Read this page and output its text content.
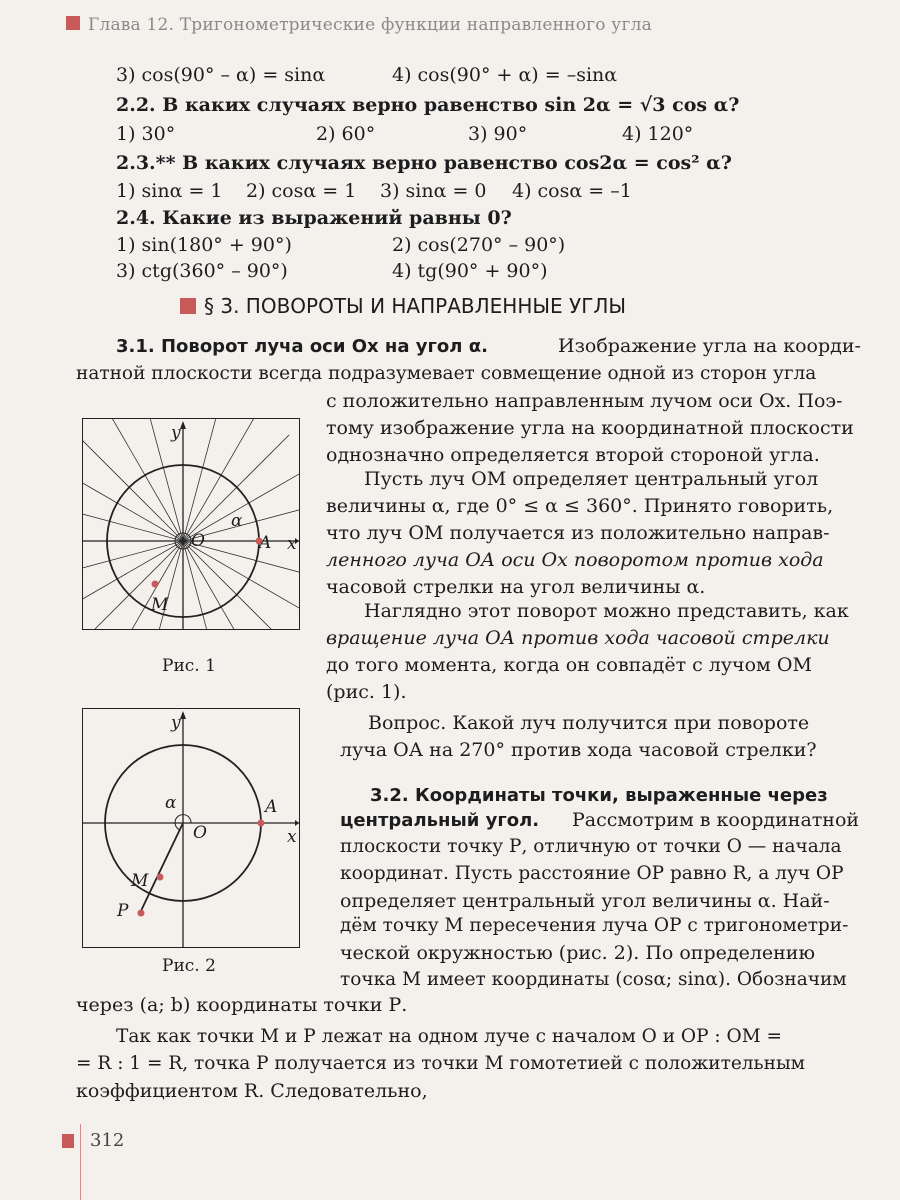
Глава 12. Тригонометрические функции направленного угла
3) cos(90° – α) = sinα	4) cos(90° + α) = –sinα
2.2. В каких случаях верно равенство sin 2α = √3 cos α?
1) 30°	2) 60°	3) 90°	4) 120°
2.3.** В каких случаях верно равенство cos2α = cos² α?
1) sinα = 1 2) cosα = 1 3) sinα = 0 4) cosα = –1
2.4. Какие из выражений равны 0?
1) sin(180° + 90°)	2) cos(270° – 90°)
3) ctg(360° – 90°)	4) tg(90° + 90°)
§ 3. ПОВОРОТЫ И НАПРАВЛЕННЫЕ УГЛЫ
3.1. Поворот луча оси Ох на угол α.	Изображение угла на коорди-
натной плоскости всегда подразумевает совмещение одной из сторон угла
с положительно направленным лучом оси Ох. Поэ-
тому изображение угла на координатной плоскости
однозначно определяется второй стороной угла.
Пусть луч ОМ определяет центральный угол
величины α, где 0° ≤ α ≤ 360°. Принято говорить,
что луч ОМ получается из положительно направ-
ленного луча ОА оси Ох поворотом против хода
часовой стрелки на угол величины α.
Наглядно этот поворот можно представить, как
вращение луча ОА против хода часовой стрелки
до того момента, когда он совпадёт с лучом ОМ
(рис. 1).
Вопрос. Какой луч получится при повороте
луча ОА на 270° против хода часовой стрелки?
3.2. Координаты точки, выраженные через
центральный угол. Рассмотрим в координатной
плоскости точку Р, отличную от точки О — начала
координат. Пусть расстояние ОР равно R, а луч ОР
определяет центральный угол величины α. Най-
дём точку М пересечения луча ОР с тригонометри-
ческой окружностью (рис. 2). По определению
точка М имеет координаты (cosα; sinα). Обозначим
через (a; b) координаты точки Р.
Так как точки М и Р лежат на одном луче с началом О и ОР : ОМ =
= R : 1 = R, точка Р получается из точки М гомотетией с положительным
коэффициентом R. Следовательно,
y
x
O	A
M
α
Рис. 1
y
x
O
A
M
P
α
Рис. 2
312
